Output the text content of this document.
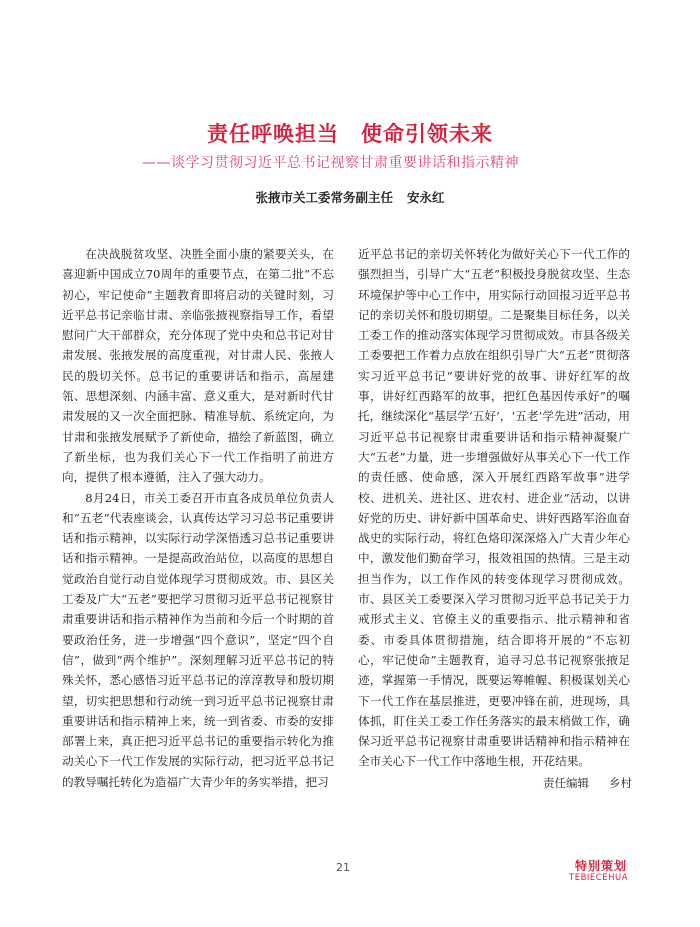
责任呼唤担当 使命引领未来
——谈学习贯彻习近平总书记视察甘肃重要讲话和指示精神
张掖市关工委常务副主任 安永红

在决战脱贫攻坚、决胜全面小康的紧要关头，在喜迎新中国成立70周年的重要节点，在第二批“不忘初心，牢记使命”主题教育即将启动的关键时刻，习近平总书记亲临甘肃、亲临张掖视察指导工作，看望慰问广大干部群众，充分体现了党中央和总书记对甘肃发展、张掖发展的高度重视，对甘肃人民、张掖人民的殷切关怀。总书记的重要讲话和指示，高屋建瓴、思想深刻、内涵丰富、意义重大，是对新时代甘肃发展的又一次全面把脉、精准导航、系统定向，为甘肃和张掖发展赋予了新使命，描绘了新蓝图，确立了新坐标，也为我们关心下一代工作指明了前进方向，提供了根本遵循，注入了强大动力。

8月24日，市关工委召开市直各成员单位负责人和“五老”代表座谈会，认真传达学习习总书记重要讲话和指示精神，以实际行动学深悟透习总书记重要讲话和指示精神。一是提高政治站位，以高度的思想自觉政治自觉行动自觉体现学习贯彻成效。市、县区关工委及广大“五老”要把学习贯彻习近平总书记视察甘肃重要讲话和指示精神作为当前和今后一个时期的首要政治任务，进一步增强“四个意识”，坚定“四个自信”，做到“两个维护”。深刻理解习近平总书记的特殊关怀，悉心感悟习近平总书记的淳淳教导和殷切期望，切实把思想和行动统一到习近平总书记视察甘肃重要讲话和指示精神上来，统一到省委、市委的安排部署上来，真正把习近平总书记的重要指示转化为推动关心下一代工作发展的实际行动，把习近平总书记的教导嘱托转化为造福广大青少年的务实举措，把习

近平总书记的亲切关怀转化为做好关心下一代工作的强烈担当，引导广大“五老”积极投身脱贫攻坚、生态环境保护等中心工作中，用实际行动回报习近平总书记的亲切关怀和殷切期望。二是聚集目标任务，以关工委工作的推动落实体现学习贯彻成效。市县各级关工委要把工作着力点放在组织引导广大“五老”贯彻落实习近平总书记“要讲好党的故事、讲好红军的故事，讲好红西路军的故事，把红色基因传承好”的嘱托，继续深化“基层学‘五好’，‘五老’学先进”活动，用习近平总书记视察甘肃重要讲话和指示精神凝聚广大“五老”力量，进一步增强做好从事关心下一代工作的责任感、使命感，深入开展红西路军故事”进学校、进机关、进社区、进农村、进企业”活动，以讲好党的历史、讲好新中国革命史、讲好西路军浴血奋战史的实际行动，将红色烙印深深烙入广大青少年心中，激发他们勤奋学习，报效祖国的热情。三是主动担当作为，以工作作风的转变体现学习贯彻成效。市、县区关工委要深入学习贯彻习近平总书记关于力戒形式主义、官僚主义的重要指示、批示精神和省委、市委具体贯彻措施，结合即将开展的“不忘初心，牢记使命”主题教育，追寻习总书记视察张掖足迹，掌握第一手情况，既要运筹帷幄、积极谋划关心下一代工作在基层推进，更要冲锋在前，进现场，具体抓，盯住关工委工作任务落实的最末梢做工作，确保习近平总书记视察甘肃重要讲话精神和指示精神在全市关心下一代工作中落地生根，开花结果。

责任编辑 乡村
21	特别策划
TEBIECEHUA
